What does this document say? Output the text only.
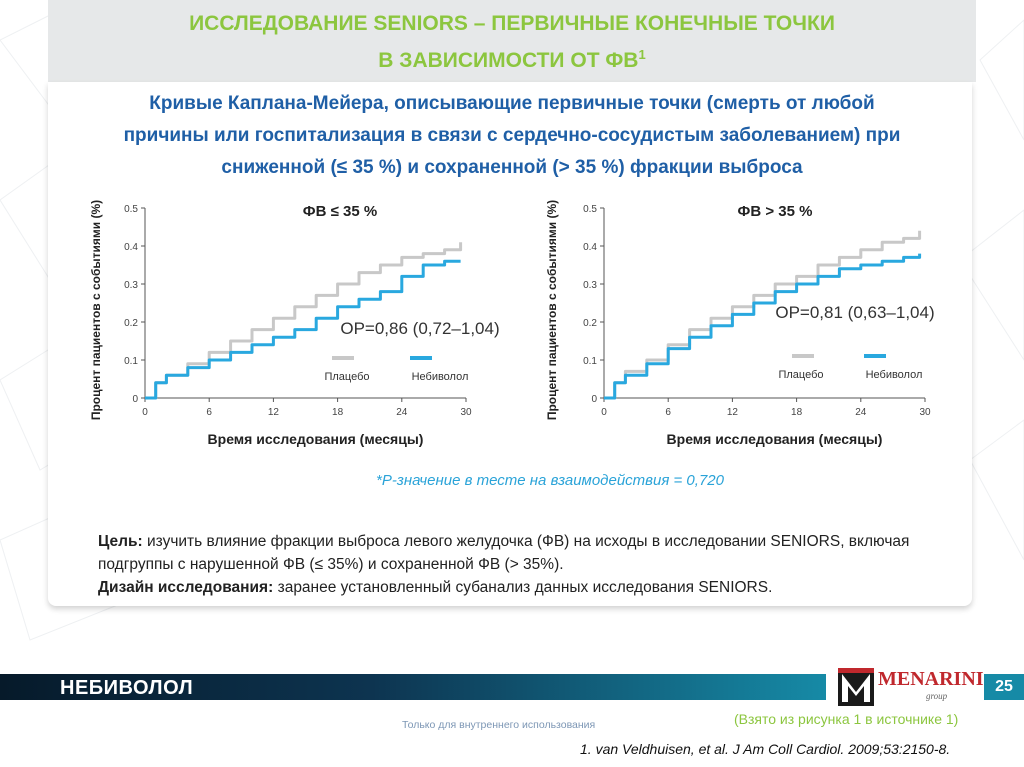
ИССЛЕДОВАНИЕ SENIORS – ПЕРВИЧНЫЕ КОНЕЧНЫЕ ТОЧКИ
В ЗАВИСИМОСТИ ОТ $ФВ^1$
Кривые Каплана-Мейера, описывающие первичные точки (смерть от любой
причины или госпитализация в связи с сердечно-сосудистым заболеванием) при
сниженной (≤ 35 %) и сохраненной (> 35 %) фракции выброса
0
0.1
0.2
0.3
0.4
0.5
0	6	12	18	24	30
ФВ ≤ 35 %
ОР=0,86 (0,72–1,04)
Плацебо	Небиволол
Время исследования (месяцы)
Процент пациентов с событиями (%)	0
0.1
0.2
0.3
0.4
0.5
0	6	12	18	24	30
ФВ > 35 %
ОР=0,81 (0,63–1,04)
Плацебо	Небиволол
Время исследования (месяцы)
Процент пациентов с событиями (%)
*Р-значение в тесте на взаимодействия = 0,720
Цель: изучить влияние фракции выброса левого желудочка (ФВ) на исходы в исследовании SENIORS, включая подгруппы с нарушенной ФВ (≤ 35%) и сохраненной ФВ (> 35%).
Дизайн исследования: заранее установленный субанализ данных исследования SENIORS.
НЕБИВОЛОЛ	MENARINI
group
25
Только для внутреннего использования	(Взято из рисунка 1 в источнике 1)
1. van Veldhuisen, et al. J Am Coll Cardiol. 2009;53:2150-8.
